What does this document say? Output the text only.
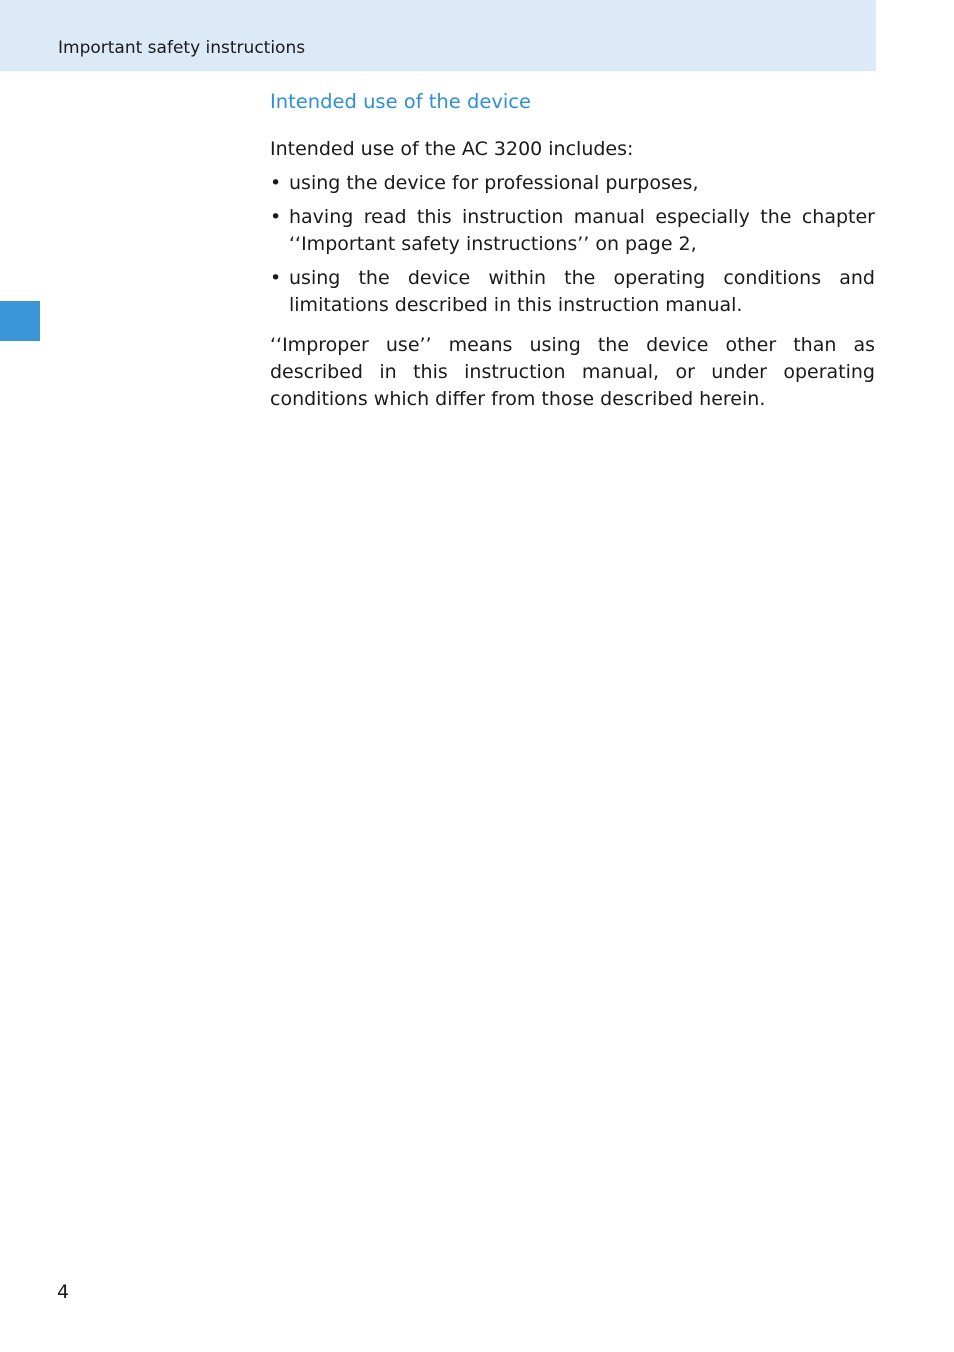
Important safety instructions
Intended use of the device

Intended use of the AC 3200 includes:

• using the device for professional purposes,
• having read this instruction manual especially the chapter ‘‘Important safety instructions’’ on page 2,
• using the device within the operating conditions and limitations described in this instruction manual.

‘‘Improper use’’ means using the device other than as described in this instruction manual, or under operating conditions which differ from those described herein.

4
